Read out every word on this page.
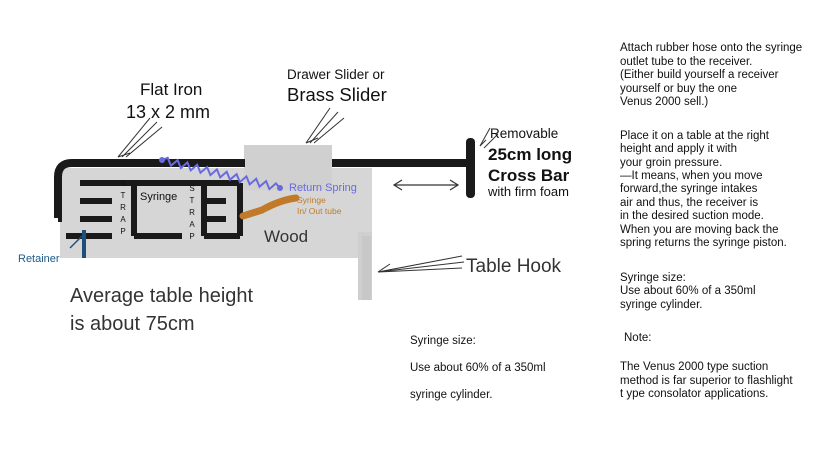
Flat Iron
13 x 2 mm
Drawer Slider or
Brass Slider
Removable
25cm long
Cross Bar
with firm foam
Return Spring
Syringe	Syringe
In/ Out tube
S
T
R
A
P
S
T
R
A
P	Wood
Retainer	Table Hook
Average table height
is about 75cm

Syringe size:

Use about 60% of a 350ml

syringe cylinder.

Attach rubber hose onto the syringe
outlet tube to the receiver.
(Either build yourself a receiver
yourself or buy the one
Venus 2000 sell.)

Place it on a table at the right
height and apply it with
your groin pressure.
—It means, when you move
forward,the syringe intakes
air and thus, the receiver is
in the desired suction mode.
When you are moving back the
spring returns the syringe piston.

Syringe size:
Use about 60% of a 350ml
syringe cylinder.

Note:

The Venus 2000 type suction
method is far superior to flashlight
t ype consolator applications.
